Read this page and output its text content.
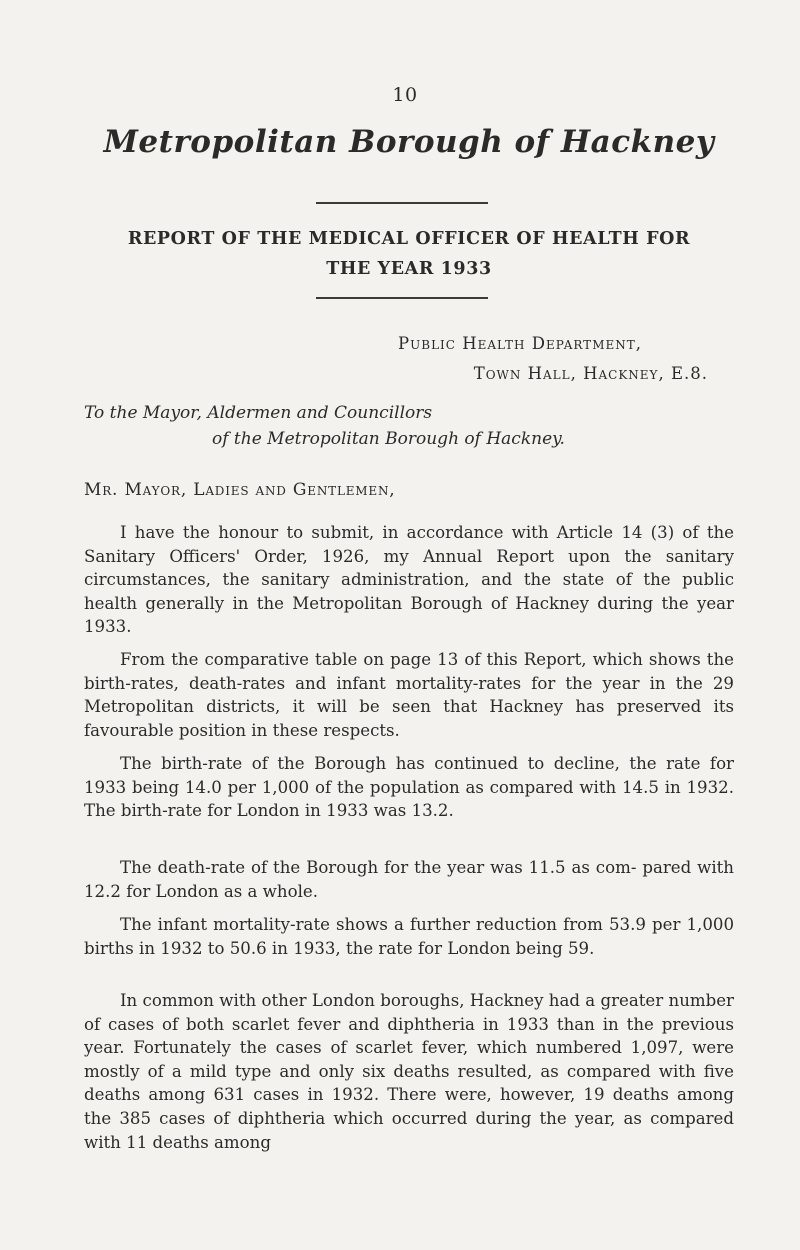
10
Metropolitan Borough of Hackney
REPORT OF THE MEDICAL OFFICER OF HEALTH FOR
THE YEAR 1933
Public Health Department,
Town Hall, Hackney, E.8.
To the Mayor, Aldermen and Councillors
of the Metropolitan Borough of Hackney.
Mr. Mayor, Ladies and Gentlemen,

I have the honour to submit, in accordance with Article 14 (3) of the Sanitary Officers' Order, 1926, my Annual Report upon the sanitary circumstances, the sanitary administration, and the state of the public health generally in the Metropolitan Borough of Hackney during the year 1933.

From the comparative table on page 13 of this Report, which shows the birth-rates, death-rates and infant mortality-rates for the year in the 29 Metropolitan districts, it will be seen that Hackney has preserved its favourable position in these respects.

The birth-rate of the Borough has continued to decline, the rate for 1933 being 14.0 per 1,000 of the population as compared with 14.5 in 1932. The birth-rate for London in 1933 was 13.2.

The death-rate of the Borough for the year was 11.5 as com- pared with 12.2 for London as a whole.

The infant mortality-rate shows a further reduction from 53.9 per 1,000 births in 1932 to 50.6 in 1933, the rate for London being 59.

In common with other London boroughs, Hackney had a greater number of cases of both scarlet fever and diphtheria in 1933 than in the previous year. Fortunately the cases of scarlet fever, which numbered 1,097, were mostly of a mild type and only six deaths resulted, as compared with five deaths among 631 cases in 1932. There were, however, 19 deaths among the 385 cases of diphtheria which occurred during the year, as compared with 11 deaths among
